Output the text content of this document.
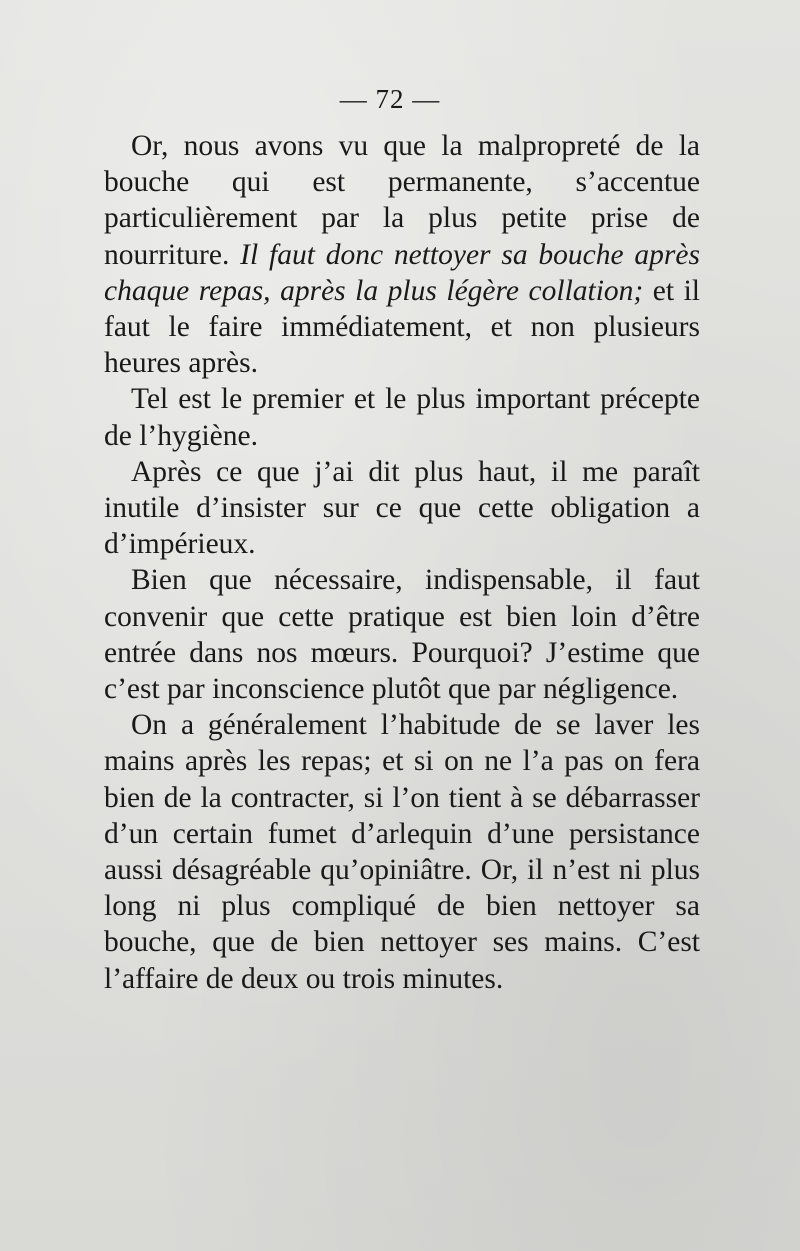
— 72 —

Or, nous avons vu que la malpropreté de la bouche qui est permanente, s’accentue particulièrement par la plus petite prise de nourriture. Il faut donc nettoyer sa bouche après chaque repas, après la plus légère collation; et il faut le faire immédiatement, et non plusieurs heures après.

Tel est le premier et le plus important précepte de l’hygiène.

Après ce que j’ai dit plus haut, il me paraît inutile d’insister sur ce que cette obligation a d’impérieux.

Bien que nécessaire, indispensable, il faut convenir que cette pratique est bien loin d’être entrée dans nos mœurs. Pourquoi? J’estime que c’est par inconscience plutôt que par négligence.

On a généralement l’habitude de se laver les mains après les repas; et si on ne l’a pas on fera bien de la contracter, si l’on tient à se débarrasser d’un certain fumet d’arlequin d’une persistance aussi désagréable qu’opiniâtre. Or, il n’est ni plus long ni plus compliqué de bien nettoyer sa bouche, que de bien nettoyer ses mains. C’est l’affaire de deux ou trois minutes.
